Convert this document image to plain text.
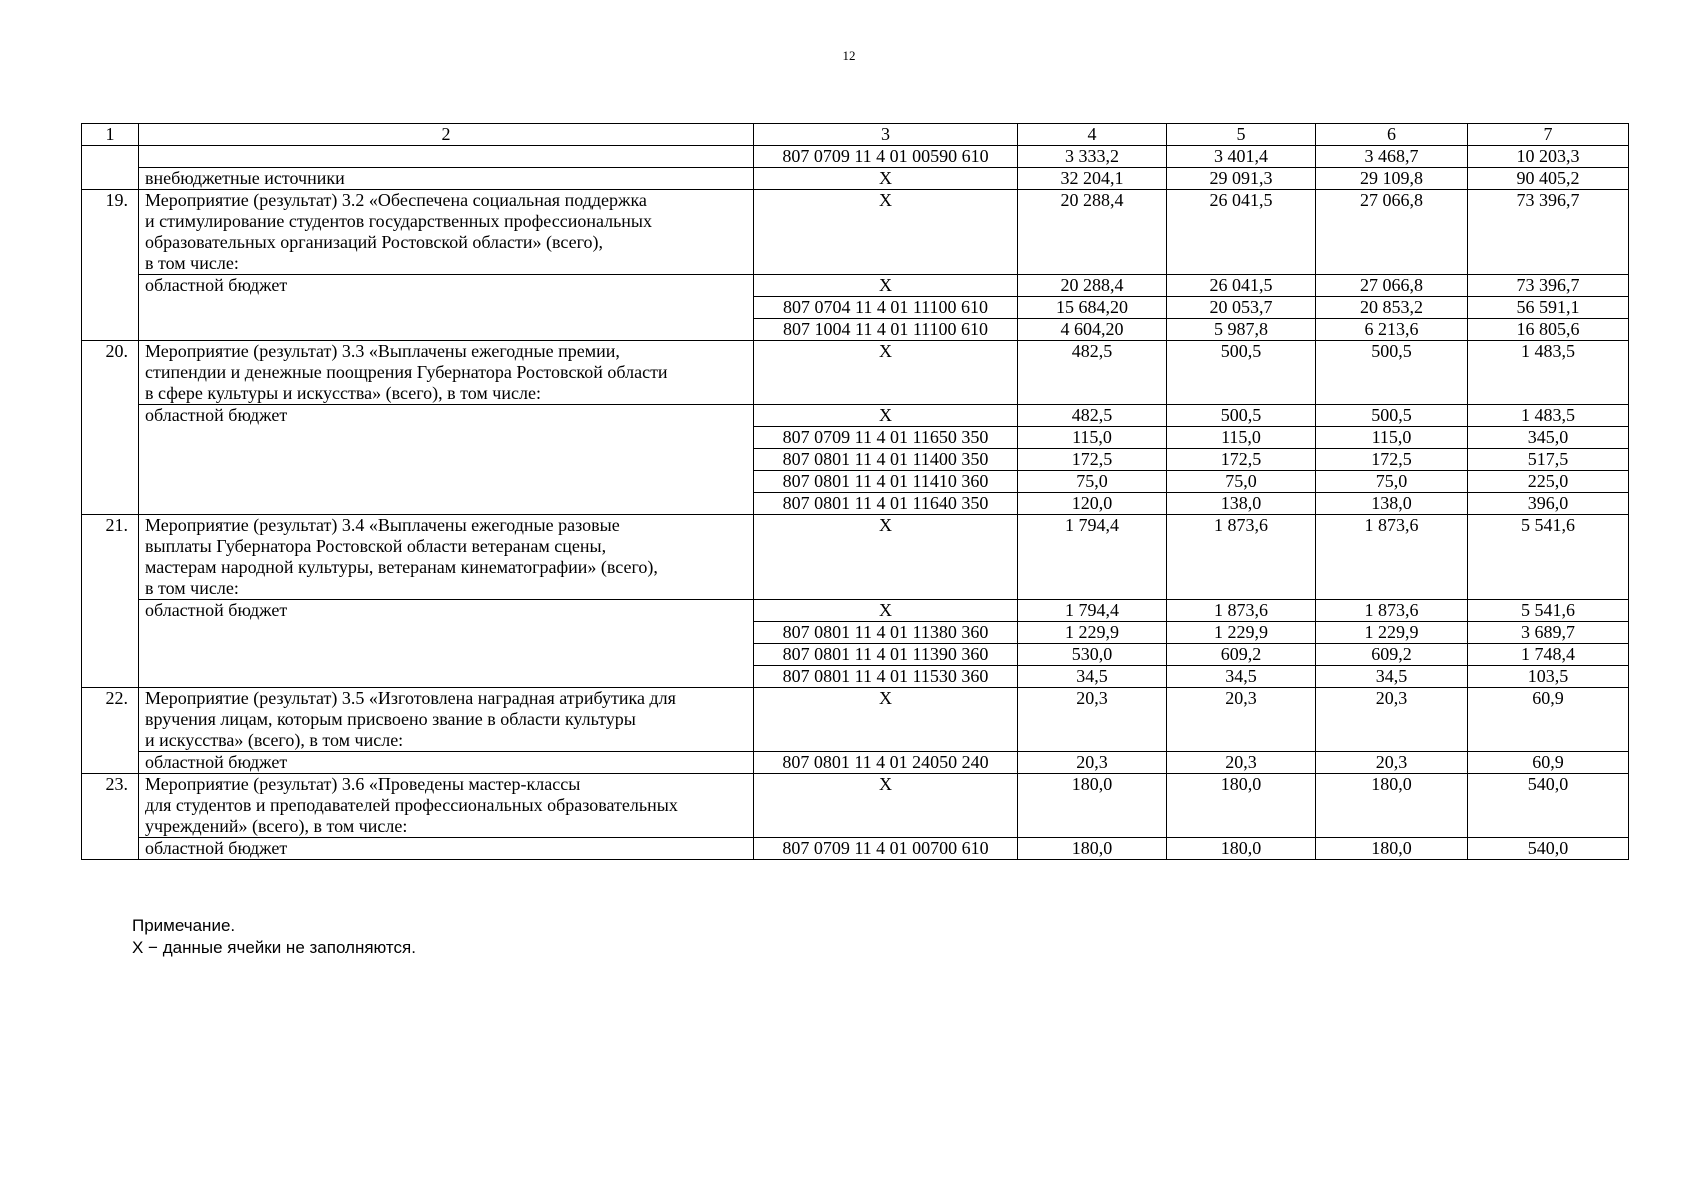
12
1	2	3	4	5	6	7
		807 0709 11 4 01 00590 610	3 333,2	3 401,4	3 468,7	10 203,3
	внебюджетные источники	Х	32 204,1	29 091,3	29 109,8	90 405,2
19.	Мероприятие (результат) 3.2 «Обеспечена социальная поддержка
и стимулирование студентов государственных профессиональных
образовательных организаций Ростовской области» (всего),
в том числе:	Х	20 288,4	26 041,5	27 066,8	73 396,7
	областной бюджет	Х	20 288,4	26 041,5	27 066,8	73 396,7
		807 0704 11 4 01 11100 610	15 684,20	20 053,7	20 853,2	56 591,1
		807 1004 11 4 01 11100 610	4 604,20	5 987,8	6 213,6	16 805,6
20.	Мероприятие (результат) 3.3 «Выплачены ежегодные премии,
стипендии и денежные поощрения Губернатора Ростовской области
в сфере культуры и искусства» (всего), в том числе:	Х	482,5	500,5	500,5	1 483,5
	областной бюджет	Х	482,5	500,5	500,5	1 483,5
		807 0709 11 4 01 11650 350	115,0	115,0	115,0	345,0
		807 0801 11 4 01 11400 350	172,5	172,5	172,5	517,5
		807 0801 11 4 01 11410 360	75,0	75,0	75,0	225,0
		807 0801 11 4 01 11640 350	120,0	138,0	138,0	396,0
21.	Мероприятие (результат) 3.4 «Выплачены ежегодные разовые
выплаты Губернатора Ростовской области ветеранам сцены,
мастерам народной культуры, ветеранам кинематографии» (всего),
в том числе:	Х	1 794,4	1 873,6	1 873,6	5 541,6
	областной бюджет	Х	1 794,4	1 873,6	1 873,6	5 541,6
		807 0801 11 4 01 11380 360	1 229,9	1 229,9	1 229,9	3 689,7
		807 0801 11 4 01 11390 360	530,0	609,2	609,2	1 748,4
		807 0801 11 4 01 11530 360	34,5	34,5	34,5	103,5
22.	Мероприятие (результат) 3.5 «Изготовлена наградная атрибутика для
вручения лицам, которым присвоено звание в области культуры
и искусства» (всего), в том числе:	Х	20,3	20,3	20,3	60,9
	областной бюджет	807 0801 11 4 01 24050 240	20,3	20,3	20,3	60,9
23.	Мероприятие (результат) 3.6 «Проведены мастер-классы
для студентов и преподавателей профессиональных образовательных
учреждений» (всего), в том числе:	Х	180,0	180,0	180,0	540,0
	областной бюджет	807 0709 11 4 01 00700 610	180,0	180,0	180,0	540,0
Примечание.
Х − данные ячейки не заполняются.
